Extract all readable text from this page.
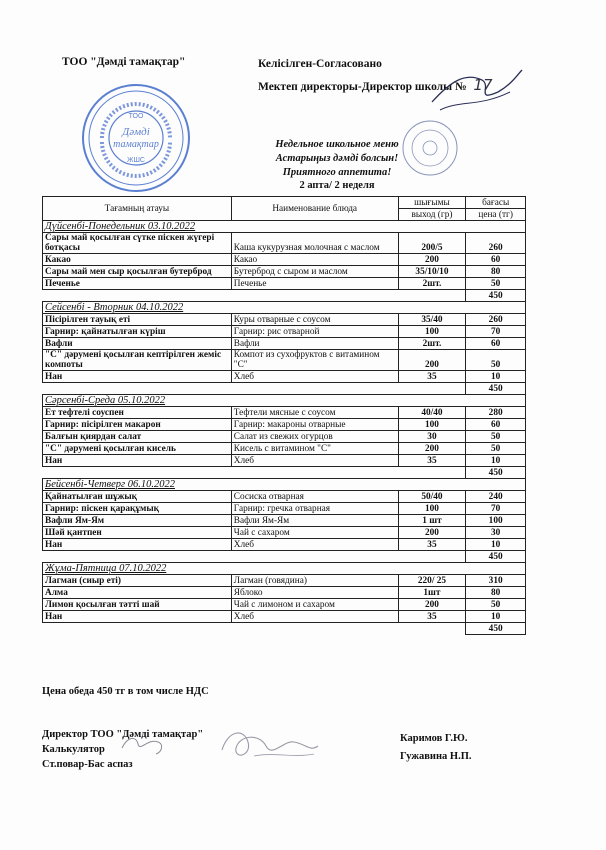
ТОО "Дәмді тамақтар"	Келісілген-Согласовано
Мектеп директоры-Директор школы № 17
ТОО
Дәмді
тамақтар
ЖШС
Недельное школьное меню
Астарыңыз дәмді болсын!
Приятного аппетита!
2 апта/ 2 неделя
Тағамның атауы	Наименование блюда	шығымы	бағасы
		выход (гр)	цена (тг)
Дүйсенбі-Понедельник 03.10.2022			
Сары май қосылған сүтке піскен жүгері ботқасы	Каша кукурузная молочная с маслом	200/5	260
Какао	Какао	200	60
Сары май мен сыр қосылған бутерброд	Бутерброд с сыром и маслом	35/10/10	80
Печенье	Печенье	2шт.	50
			450
Сейсенбі - Вторник 04.10.2022			
Пісірілген тауық еті	Куры отварные с соусом	35/40	260
Гарнир: қайнатылған күріш	Гарнир: рис отварной	100	70
Вафли	Вафли	2шт.	60
"С" дәрумені қосылған кептірілген жеміс компоты	Компот из сухофруктов с витамином "С"	200	50
Нан	Хлеб	35	10
			450
Сәрсенбі-Среда 05.10.2022			
Ет тефтелі соуспен	Тефтели мясные с соусом	40/40	280
Гарнир: пісірілген макарон	Гарнир: макароны отварные	100	60
Балғын қиярдан салат	Салат из свежих огурцов	30	50
"С" дәрумені қосылған кисель	Кисель с витамином "С"	200	50
Нан	Хлеб	35	10
			450
Бейсенбі-Четверг 06.10.2022			
Қайнатылған шұжық	Сосиска отварная	50/40	240
Гарнир: піскен қарақұмық	Гарнир: гречка отварная	100	70
Вафли Ям-Ям	Вафли Ям-Ям	1 шт	100
Шәй қантпен	Чай с сахаром	200	30
Нан	Хлеб	35	10
			450
Жұма-Пятница 07.10.2022			
Лагман (сиыр еті)	Лагман (говядина)	220/ 25	310
Алма	Яблоко	1шт	80
Лимон қосылған тәтті шай	Чай с лимоном и сахаром	200	50
Нан	Хлеб	35	10
			450
Цена обеда 450 тг в том числе НДС
Директор ТОО "Дәмді тамақтар"
Калькулятор
Ст.повар-Бас аспаз
Каримов Г.Ю.
Гужавина Н.П.
